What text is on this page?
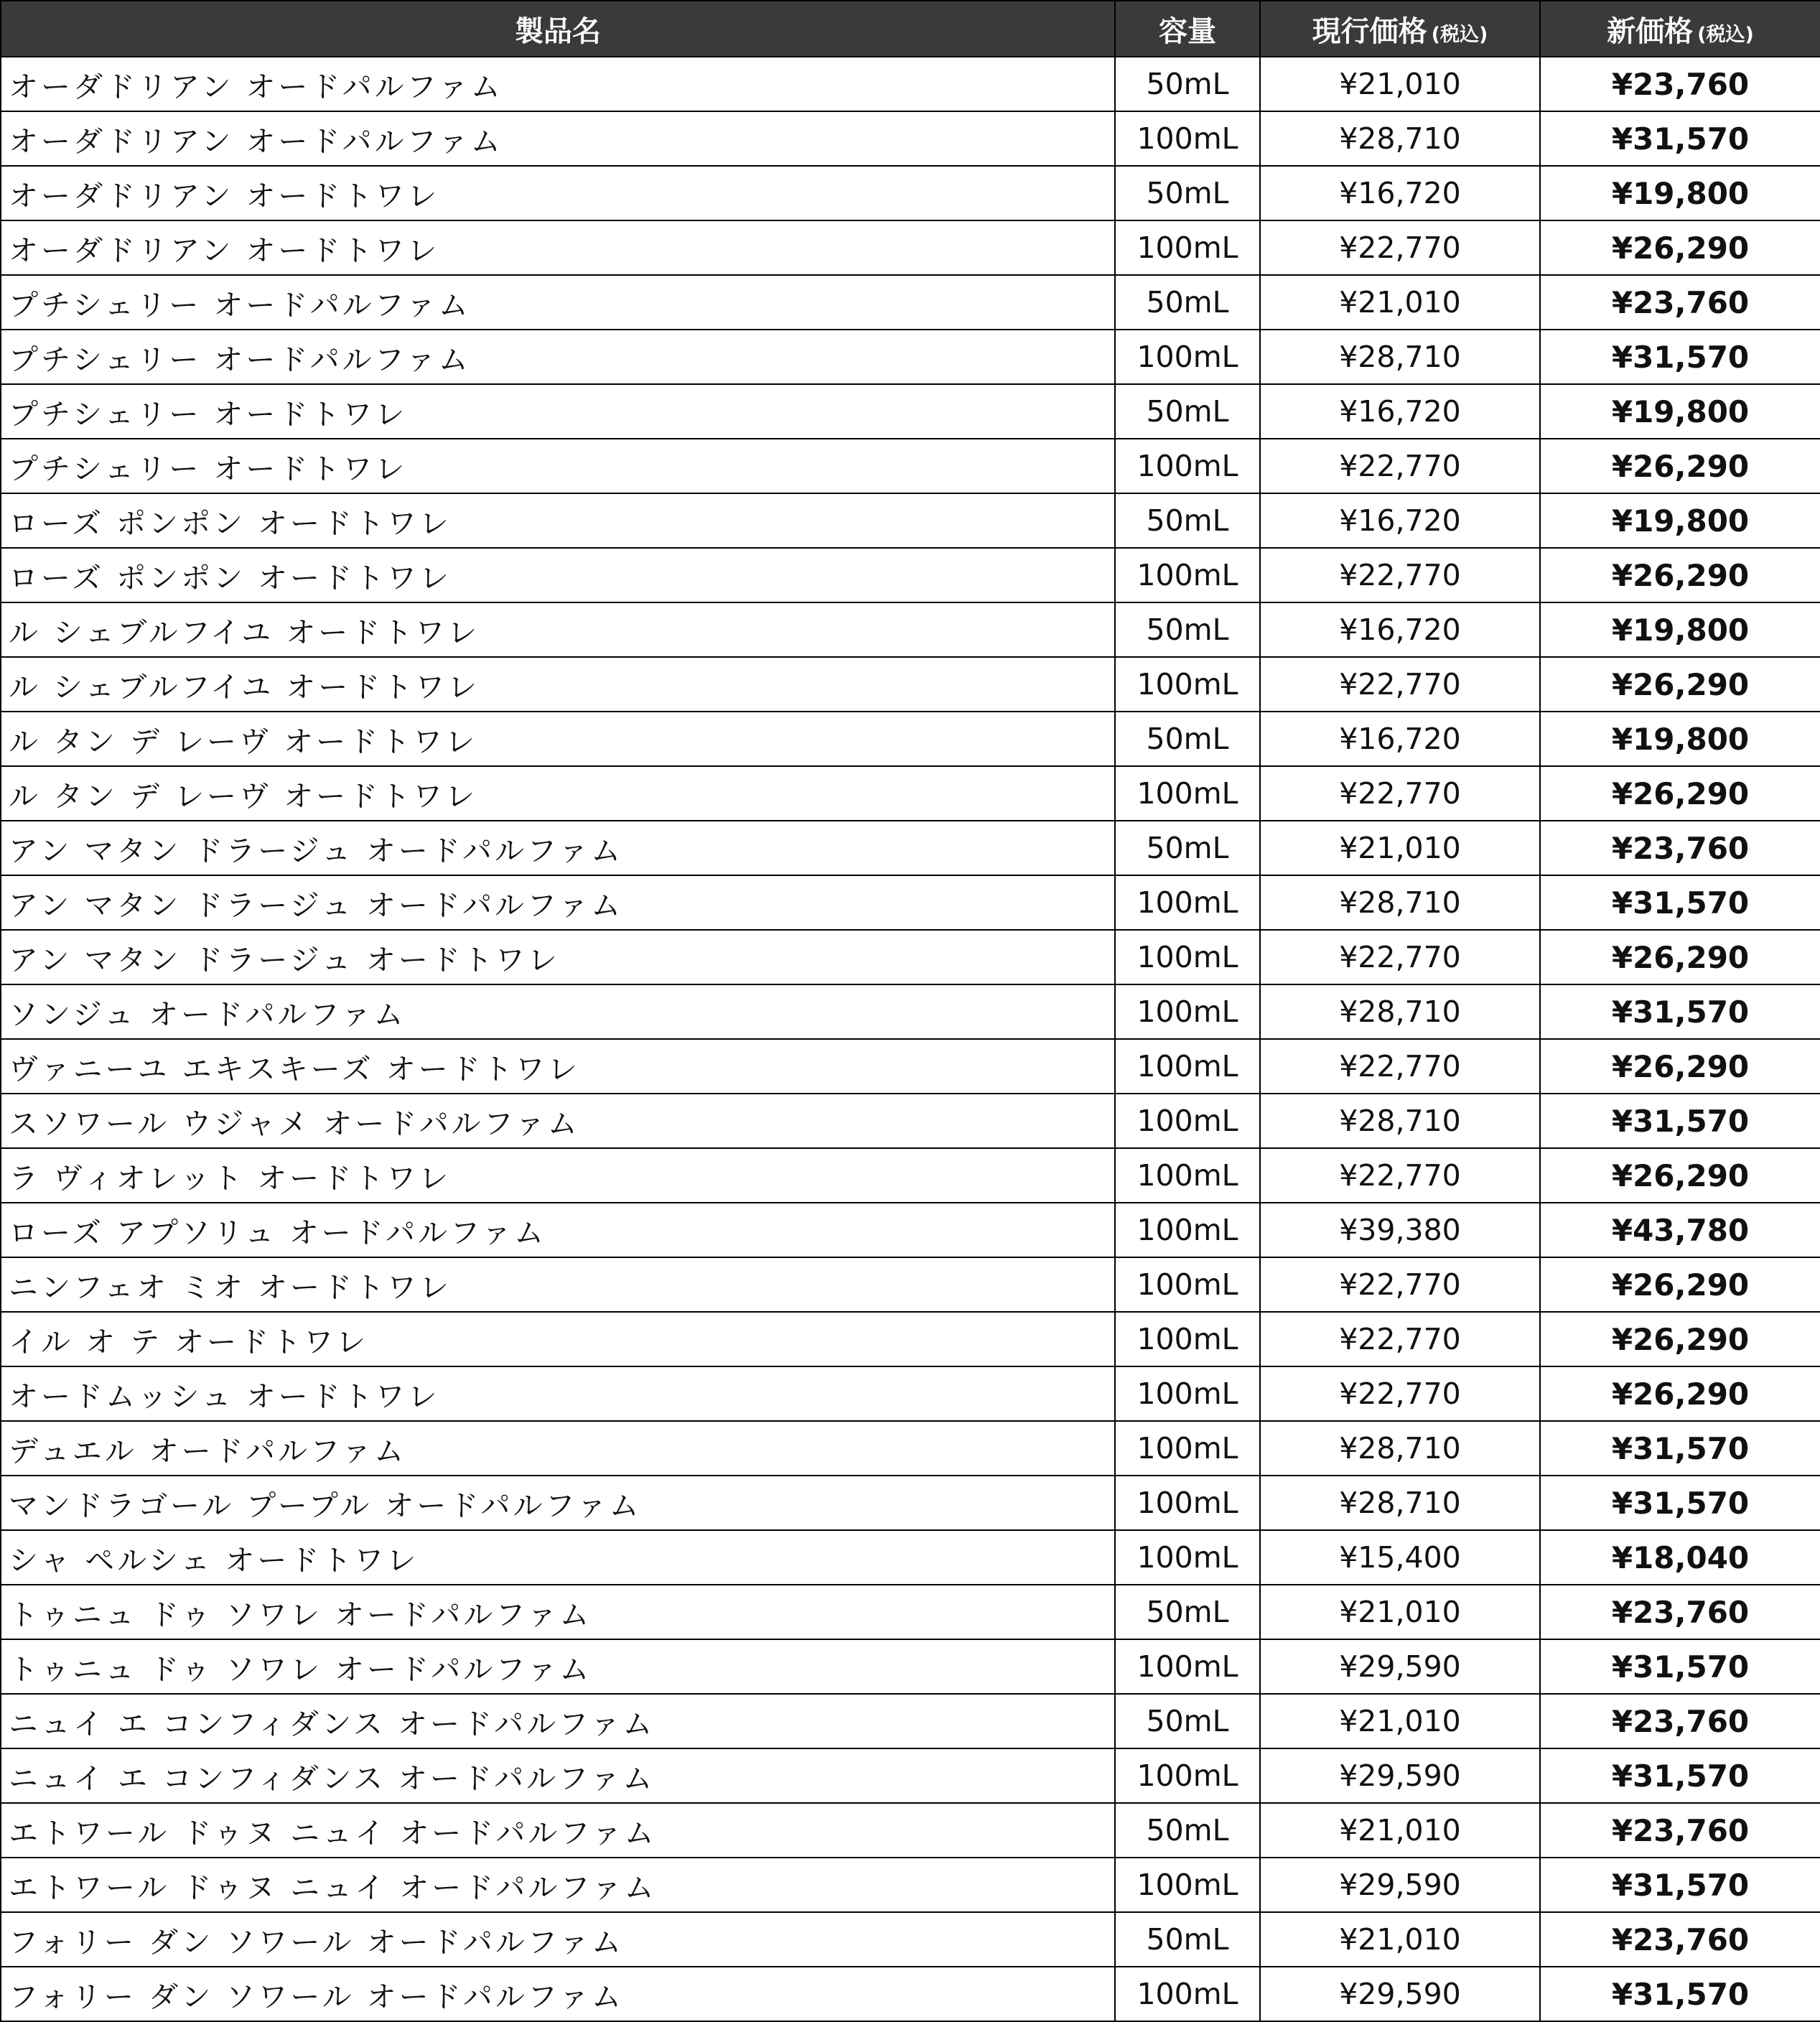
製品名	容量	現行価格 (税込)	新価格 (税込)
オーダドリアン オードパルファム	50mL	¥21,010	¥23,760
オーダドリアン オードパルファム	100mL	¥28,710	¥31,570
オーダドリアン オードトワレ	50mL	¥16,720	¥19,800
オーダドリアン オードトワレ	100mL	¥22,770	¥26,290
プチシェリー オードパルファム	50mL	¥21,010	¥23,760
プチシェリー オードパルファム	100mL	¥28,710	¥31,570
プチシェリー オードトワレ	50mL	¥16,720	¥19,800
プチシェリー オードトワレ	100mL	¥22,770	¥26,290
ローズ ポンポン オードトワレ	50mL	¥16,720	¥19,800
ローズ ポンポン オードトワレ	100mL	¥22,770	¥26,290
ル シェブルフイユ オードトワレ	50mL	¥16,720	¥19,800
ル シェブルフイユ オードトワレ	100mL	¥22,770	¥26,290
ル タン デ レーヴ オードトワレ	50mL	¥16,720	¥19,800
ル タン デ レーヴ オードトワレ	100mL	¥22,770	¥26,290
アン マタン ドラージュ オードパルファム	50mL	¥21,010	¥23,760
アン マタン ドラージュ オードパルファム	100mL	¥28,710	¥31,570
アン マタン ドラージュ オードトワレ	100mL	¥22,770	¥26,290
ソンジュ オードパルファム	100mL	¥28,710	¥31,570
ヴァニーユ エキスキーズ オードトワレ	100mL	¥22,770	¥26,290
スソワール ウジャメ オードパルファム	100mL	¥28,710	¥31,570
ラ ヴィオレット オードトワレ	100mL	¥22,770	¥26,290
ローズ アプソリュ オードパルファム	100mL	¥39,380	¥43,780
ニンフェオ ミオ オードトワレ	100mL	¥22,770	¥26,290
イル オ テ オードトワレ	100mL	¥22,770	¥26,290
オードムッシュ オードトワレ	100mL	¥22,770	¥26,290
デュエル オードパルファム	100mL	¥28,710	¥31,570
マンドラゴール プープル オードパルファム	100mL	¥28,710	¥31,570
シャ ペルシェ オードトワレ	100mL	¥15,400	¥18,040
トゥニュ ドゥ ソワレ オードパルファム	50mL	¥21,010	¥23,760
トゥニュ ドゥ ソワレ オードパルファム	100mL	¥29,590	¥31,570
ニュイ エ コンフィダンス オードパルファム	50mL	¥21,010	¥23,760
ニュイ エ コンフィダンス オードパルファム	100mL	¥29,590	¥31,570
エトワール ドゥヌ ニュイ オードパルファム	50mL	¥21,010	¥23,760
エトワール ドゥヌ ニュイ オードパルファム	100mL	¥29,590	¥31,570
フォリー ダン ソワール オードパルファム	50mL	¥21,010	¥23,760
フォリー ダン ソワール オードパルファム	100mL	¥29,590	¥31,570
